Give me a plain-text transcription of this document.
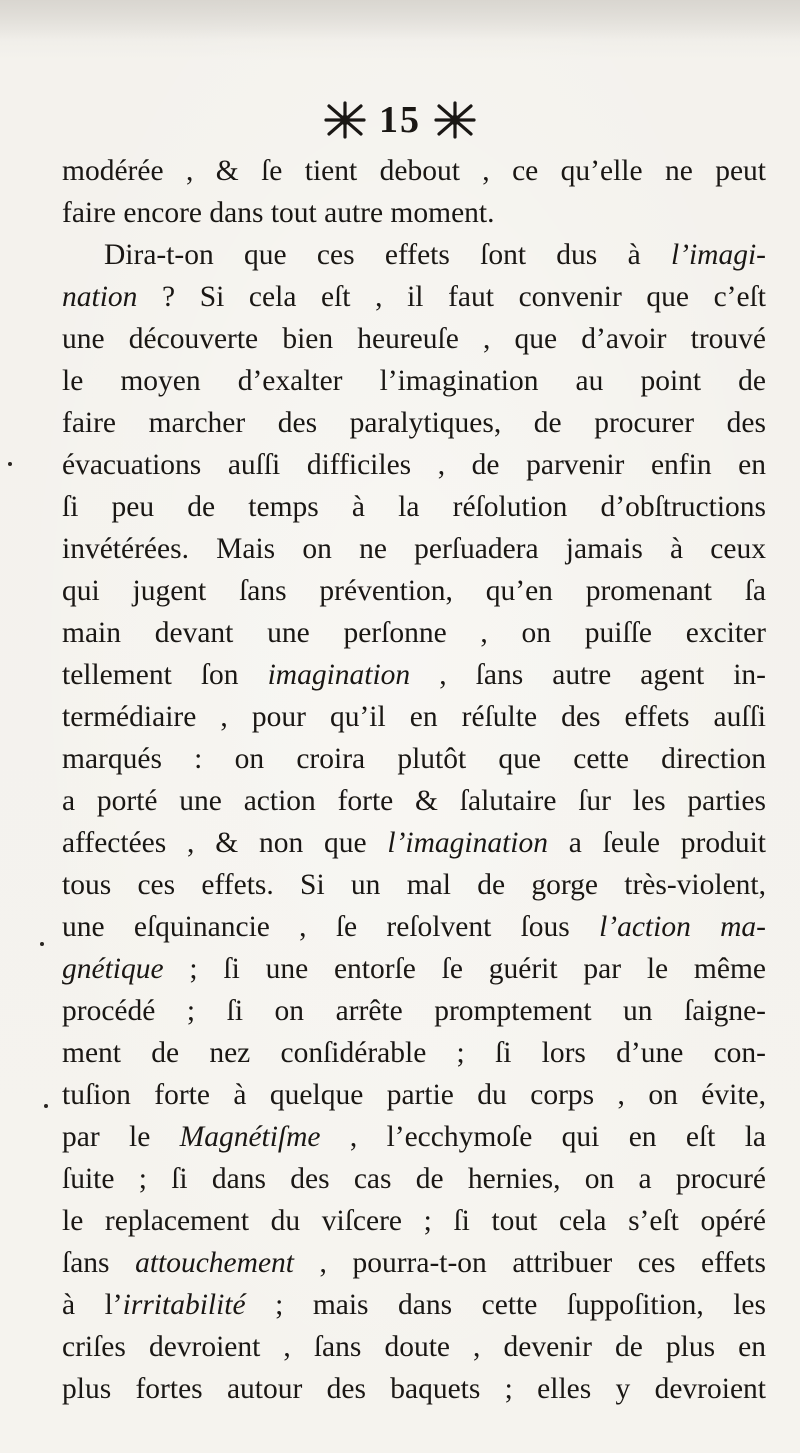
15
modérée , & ſe tient debout , ce qu’elle ne peut
faire encore dans tout autre moment.
Dira-t-on que ces effets ſont dus à l’imagi-
nation ? Si cela eſt , il faut convenir que c’eſt
une découverte bien heureuſe , que d’avoir trouvé
le moyen d’exalter l’imagination au point de
faire marcher des paralytiques, de procurer des
évacuations auſſi difficiles , de parvenir enfin en
ſi peu de temps à la réſolution d’obſtructions
invétérées. Mais on ne perſuadera jamais à ceux
qui jugent ſans prévention, qu’en promenant ſa
main devant une perſonne , on puiſſe exciter
tellement ſon imagination , ſans autre agent in-
termédiaire , pour qu’il en réſulte des effets auſſi
marqués : on croira plutôt que cette direction
a porté une action forte & ſalutaire ſur les parties
affectées , & non que l’imagination a ſeule produit
tous ces effets. Si un mal de gorge très-violent,
une eſquinancie , ſe reſolvent ſous l’action ma-
gnétique ; ſi une entorſe ſe guérit par le même
procédé ; ſi on arrête promptement un ſaigne-
ment de nez conſidérable ; ſi lors d’une con-
tuſion forte à quelque partie du corps , on évite,
par le Magnétiſme , l’ecchymoſe qui en eſt la
ſuite ; ſi dans des cas de hernies, on a procuré
le replacement du viſcere ; ſi tout cela s’eſt opéré
ſans attouchement , pourra-t-on attribuer ces effets
à l’irritabilité ; mais dans cette ſuppoſition, les
criſes devroient , ſans doute , devenir de plus en
plus fortes autour des baquets ; elles y devroient
